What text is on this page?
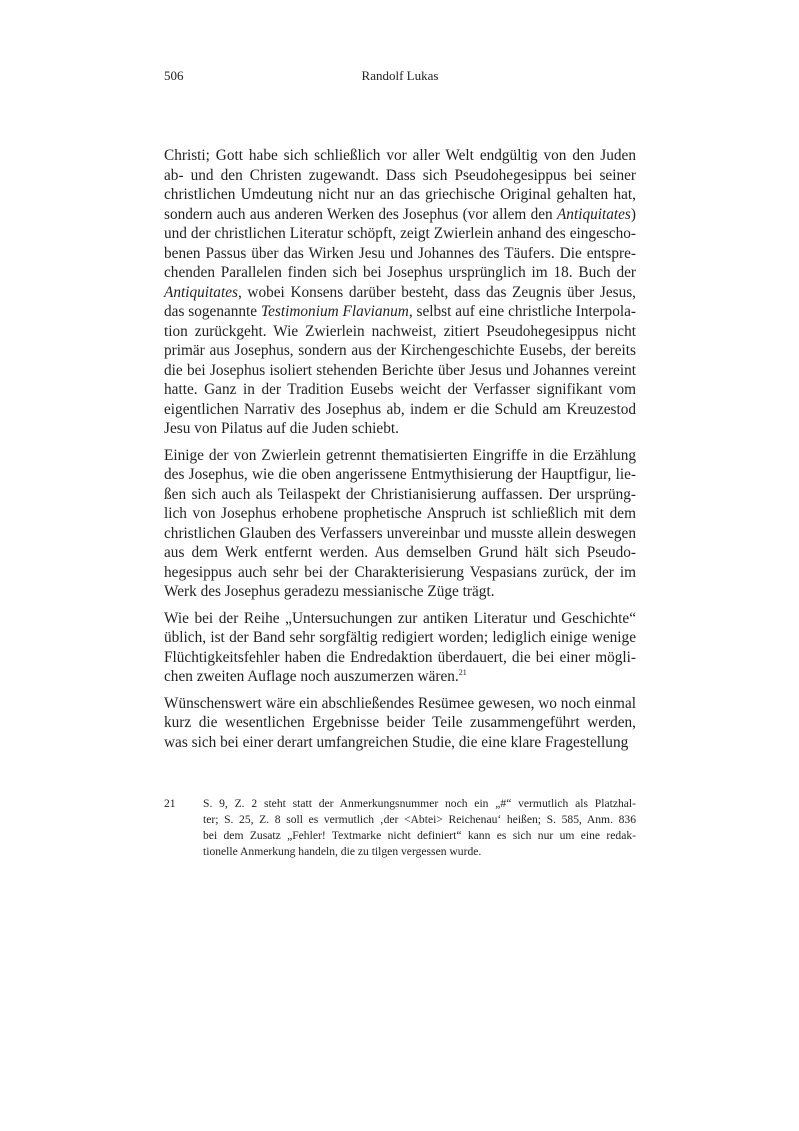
506	Randolf Lukas
Christi; Gott habe sich schließlich vor aller Welt endgültig von den Juden
ab- und den Christen zugewandt. Dass sich Pseudohegesippus bei seiner
christlichen Umdeutung nicht nur an das griechische Original gehalten hat,
sondern auch aus anderen Werken des Josephus (vor allem den Antiquitates)
und der christlichen Literatur schöpft, zeigt Zwierlein anhand des eingescho-
benen Passus über das Wirken Jesu und Johannes des Täufers. Die entspre-
chenden Parallelen finden sich bei Josephus ursprünglich im 18. Buch der
Antiquitates, wobei Konsens darüber besteht, dass das Zeugnis über Jesus,
das sogenannte Testimonium Flavianum, selbst auf eine christliche Interpola-
tion zurückgeht. Wie Zwierlein nachweist, zitiert Pseudohegesippus nicht
primär aus Josephus, sondern aus der Kirchengeschichte Eusebs, der bereits
die bei Josephus isoliert stehenden Berichte über Jesus und Johannes vereint
hatte. Ganz in der Tradition Eusebs weicht der Verfasser signifikant vom
eigentlichen Narrativ des Josephus ab, indem er die Schuld am Kreuzestod
Jesu von Pilatus auf die Juden schiebt.
Einige der von Zwierlein getrennt thematisierten Eingriffe in die Erzählung
des Josephus, wie die oben angerissene Entmythisierung der Hauptfigur, lie-
ßen sich auch als Teilaspekt der Christianisierung auffassen. Der ursprüng-
lich von Josephus erhobene prophetische Anspruch ist schließlich mit dem
christlichen Glauben des Verfassers unvereinbar und musste allein deswegen
aus dem Werk entfernt werden. Aus demselben Grund hält sich Pseudo-
hegesippus auch sehr bei der Charakterisierung Vespasians zurück, der im
Werk des Josephus geradezu messianische Züge trägt.
Wie bei der Reihe „Untersuchungen zur antiken Literatur und Geschichte“
üblich, ist der Band sehr sorgfältig redigiert worden; lediglich einige wenige
Flüchtigkeitsfehler haben die Endredaktion überdauert, die bei einer mögli-
chen zweiten Auflage noch auszumerzen wären.$^{21}$
Wünschenswert wäre ein abschließendes Resümee gewesen, wo noch einmal
kurz die wesentlichen Ergebnisse beider Teile zusammengeführt werden,
was sich bei einer derart umfangreichen Studie, die eine klare Fragestellung
21 S. 9, Z. 2 steht statt der Anmerkungsnummer noch ein „#“ vermutlich als Platzhal-
ter; S. 25, Z. 8 soll es vermutlich ‚der <Abtei> Reichenau‘ heißen; S. 585, Anm. 836
bei dem Zusatz „Fehler! Textmarke nicht definiert“ kann es sich nur um eine redak-
tionelle Anmerkung handeln, die zu tilgen vergessen wurde.
